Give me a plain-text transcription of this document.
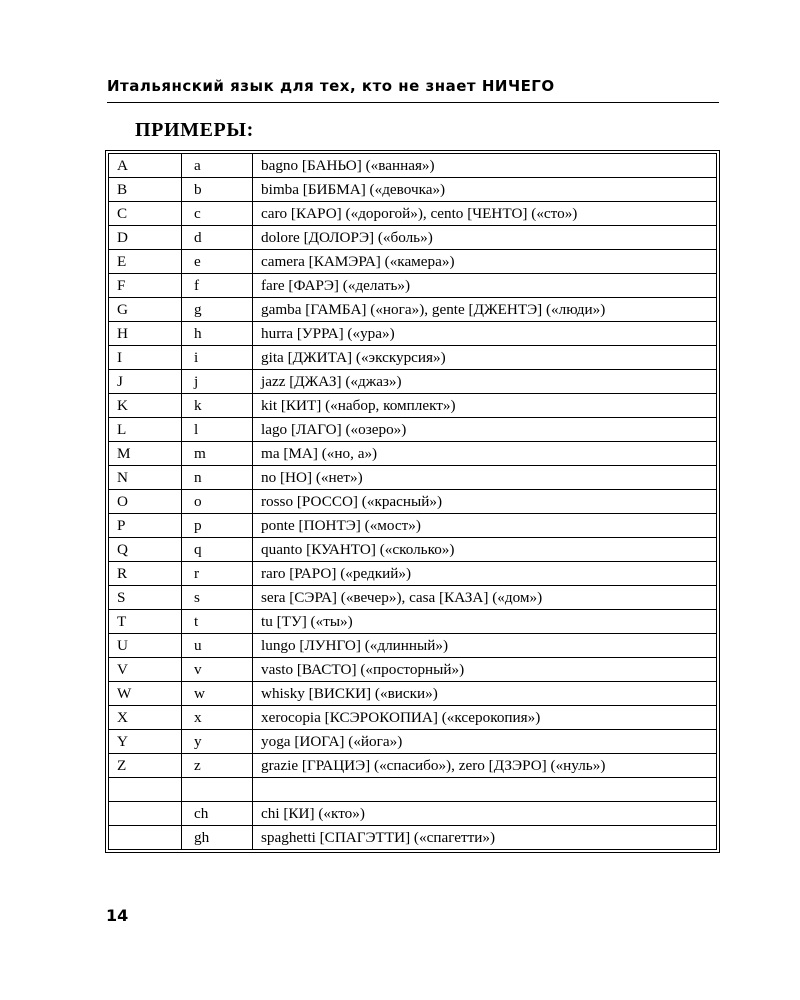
Итальянский язык для тех, кто не знает НИЧЕГО
ПРИМЕРЫ:
A	a	bagno [БАНЬО] («ванная»)
B	b	bimba [БИБМА] («девочка»)
C	c	caro [КАРО] («дорогой»), cento [ЧЕНТО] («сто»)
D	d	dolore [ДОЛОРЭ] («боль»)
E	e	camera [КАМЭРА] («камера»)
F	f	fare [ФАРЭ] («делать»)
G	g	gamba [ГАМБА] («нога»), gente [ДЖЕНТЭ] («люди»)
H	h	hurra [УРРА] («ура»)
I	i	gita [ДЖИТА] («экскурсия»)
J	j	jazz [ДЖАЗ] («джаз»)
K	k	kit [КИТ] («набор, комплект»)
L	l	lago [ЛАГО] («озеро»)
M	m	ma [МА] («но, а»)
N	n	no [НО] («нет»)
O	o	rosso [РОССО] («красный»)
P	p	ponte [ПОНТЭ] («мост»)
Q	q	quanto [КУАНТО] («сколько»)
R	r	raro [РАРО] («редкий»)
S	s	sera [СЭРА] («вечер»), casa [КАЗА] («дом»)
T	t	tu [ТУ] («ты»)
U	u	lungo [ЛУНГО] («длинный»)
V	v	vasto [ВАСТО] («просторный»)
W	w	whisky [ВИСКИ] («виски»)
X	x	xerocopia [КСЭРОКОПИА] («ксерокопия»)
Y	y	yoga [ИОГА] («йога»)
Z	z	grazie [ГРАЦИЭ] («спасибо»), zero [ДЗЭРО] («нуль»)

	ch	chi [КИ] («кто»)
	gh	spaghetti [СПАГЭТТИ] («спагетти»)
14
